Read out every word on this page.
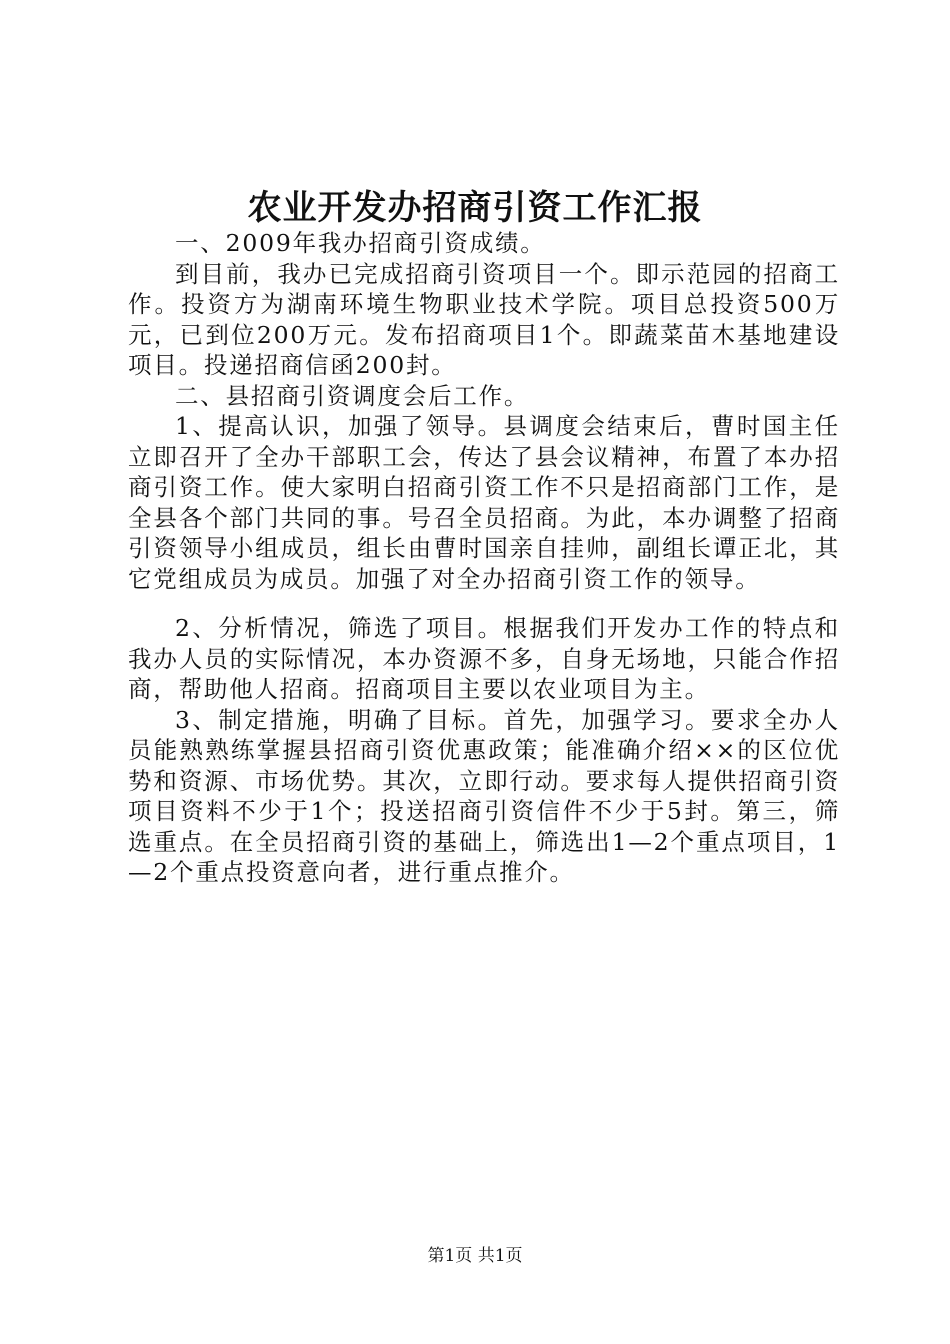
农业开发办招商引资工作汇报

一、2009年我办招商引资成绩。

到目前，我办已完成招商引资项目一个。即示范园的招商工作。投资方为湖南环境生物职业技术学院。项目总投资500万元，已到位200万元。发布招商项目1个。即蔬菜苗木基地建设项目。投递招商信函200封。

二、县招商引资调度会后工作。

1、提高认识，加强了领导。县调度会结束后，曹时国主任立即召开了全办干部职工会，传达了县会议精神，布置了本办招商引资工作。使大家明白招商引资工作不只是招商部门工作，是全县各个部门共同的事。号召全员招商。为此，本办调整了招商引资领导小组成员，组长由曹时国亲自挂帅，副组长谭正北，其它党组成员为成员。加强了对全办招商引资工作的领导。

2、分析情况，筛选了项目。根据我们开发办工作的特点和我办人员的实际情况，本办资源不多，自身无场地，只能合作招商，帮助他人招商。招商项目主要以农业项目为主。

3、制定措施，明确了目标。首先，加强学习。要求全办人员能熟熟练掌握县招商引资优惠政策；能准确介绍××的区位优势和资源、市场优势。其次，立即行动。要求每人提供招商引资项目资料不少于1个；投送招商引资信件不少于5封。第三，筛选重点。在全员招商引资的基础上，筛选出1—2个重点项目，1—2个重点投资意向者，进行重点推介。

第1页 共1页
